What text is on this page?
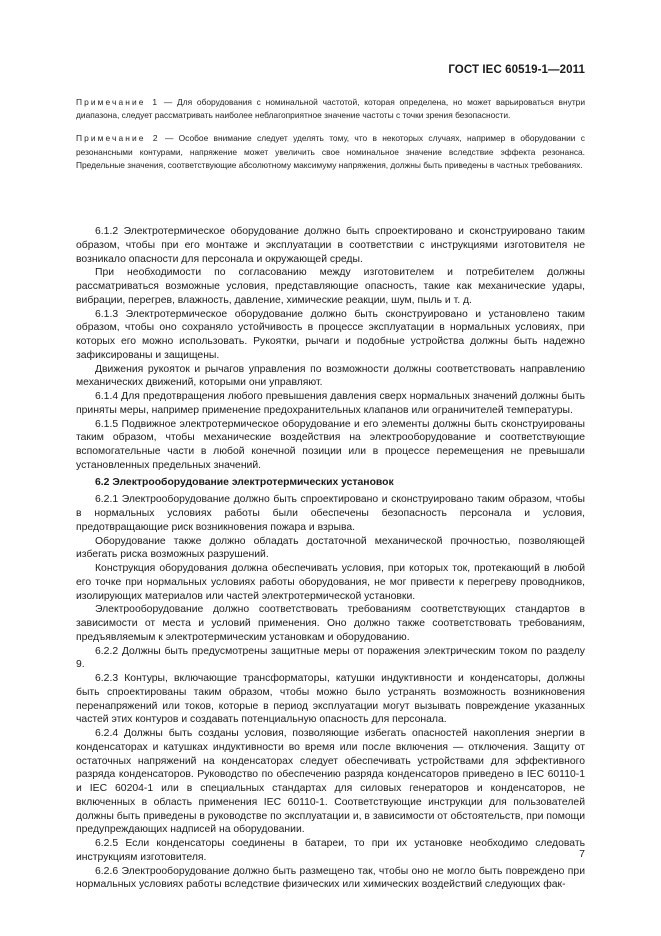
ГОСТ IEC 60519-1—2011

Примечание 1 — Для оборудования с номинальной частотой, которая определена, но может варьироваться внутри диапазона, следует рассматривать наиболее неблагоприятное значение частоты с точки зрения безопасности.

Примечание 2 — Особое внимание следует уделять тому, что в некоторых случаях, например в оборудовании с резонансными контурами, напряжение может увеличить свое номинальное значение вследствие эффекта резонанса. Предельные значения, соответствующие абсолютному максимуму напряжения, должны быть приведены в частных требованиях.

6.1.2 Электротермическое оборудование должно быть спроектировано и сконструировано таким образом, чтобы при его монтаже и эксплуатации в соответствии с инструкциями изготовителя не возникало опасности для персонала и окружающей среды.

При необходимости по согласованию между изготовителем и потребителем должны рассматриваться возможные условия, представляющие опасность, такие как механические удары, вибрации, перегрев, влажность, давление, химические реакции, шум, пыль и т. д.

6.1.3 Электротермическое оборудование должно быть сконструировано и установлено таким образом, чтобы оно сохраняло устойчивость в процессе эксплуатации в нормальных условиях, при которых его можно использовать. Рукоятки, рычаги и подобные устройства должны быть надежно зафиксированы и защищены.

Движения рукояток и рычагов управления по возможности должны соответствовать направлению механических движений, которыми они управляют.

6.1.4 Для предотвращения любого превышения давления сверх нормальных значений должны быть приняты меры, например применение предохранительных клапанов или ограничителей температуры.

6.1.5 Подвижное электротермическое оборудование и его элементы должны быть сконструированы таким образом, чтобы механические воздействия на электрооборудование и соответствующие вспомогательные части в любой конечной позиции или в процессе перемещения не превышали установленных предельных значений.

6.2 Электрооборудование электротермических установок

6.2.1 Электрооборудование должно быть спроектировано и сконструировано таким образом, чтобы в нормальных условиях работы были обеспечены безопасность персонала и условия, предотвращающие риск возникновения пожара и взрыва.

Оборудование также должно обладать достаточной механической прочностью, позволяющей избегать риска возможных разрушений.

Конструкция оборудования должна обеспечивать условия, при которых ток, протекающий в любой его точке при нормальных условиях работы оборудования, не мог привести к перегреву проводников, изолирующих материалов или частей электротермической установки.

Электрооборудование должно соответствовать требованиям соответствующих стандартов в зависимости от места и условий применения. Оно должно также соответствовать требованиям, предъявляемым к электротермическим установкам и оборудованию.

6.2.2 Должны быть предусмотрены защитные меры от поражения электрическим током по разделу 9.

6.2.3 Контуры, включающие трансформаторы, катушки индуктивности и конденсаторы, должны быть спроектированы таким образом, чтобы можно было устранять возможность возникновения перенапряжений или токов, которые в период эксплуатации могут вызывать повреждение указанных частей этих контуров и создавать потенциальную опасность для персонала.

6.2.4 Должны быть созданы условия, позволяющие избегать опасностей накопления энергии в конденсаторах и катушках индуктивности во время или после включения — отключения. Защиту от остаточных напряжений на конденсаторах следует обеспечивать устройствами для эффективного разряда конденсаторов. Руководство по обеспечению разряда конденсаторов приведено в IEC 60110-1 и IEC 60204-1 или в специальных стандартах для силовых генераторов и конденсаторов, не включенных в область применения IEC 60110-1. Соответствующие инструкции для пользователей должны быть приведены в руководстве по эксплуатации и, в зависимости от обстоятельств, при помощи предупреждающих надписей на оборудовании.

6.2.5 Если конденсаторы соединены в батареи, то при их установке необходимо следовать инструкциям изготовителя.

6.2.6 Электрооборудование должно быть размещено так, чтобы оно не могло быть повреждено при нормальных условиях работы вследствие физических или химических воздействий следующих фак-

7
